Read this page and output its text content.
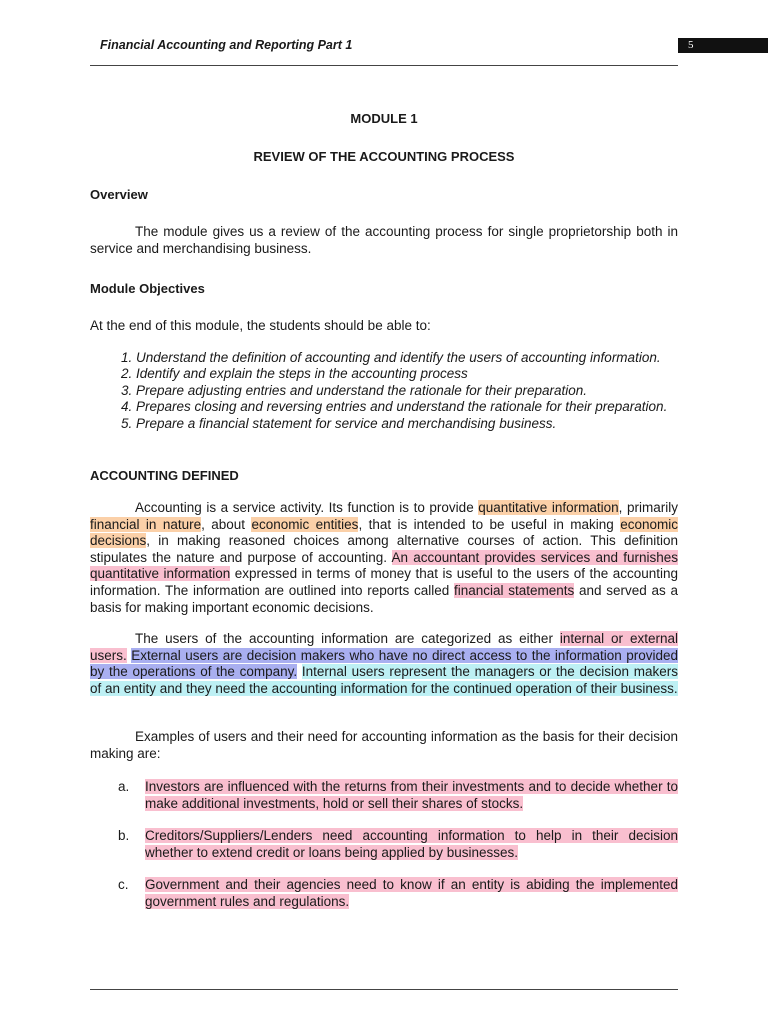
Financial Accounting and Reporting Part 1	5
MODULE 1
REVIEW OF THE ACCOUNTING PROCESS
Overview
The module gives us a review of the accounting process for single proprietorship both in service and merchandising business.
Module Objectives
At the end of this module, the students should be able to:
1. Understand the definition of accounting and identify the users of accounting information.
2. Identify and explain the steps in the accounting process
3. Prepare adjusting entries and understand the rationale for their preparation.
4. Prepares closing and reversing entries and understand the rationale for their preparation.
5. Prepare a financial statement for service and merchandising business.
ACCOUNTING DEFINED
Accounting is a service activity. Its function is to provide quantitative information, primarily financial in nature, about economic entities, that is intended to be useful in making economic decisions, in making reasoned choices among alternative courses of action. This definition stipulates the nature and purpose of accounting. An accountant provides services and furnishes quantitative information expressed in terms of money that is useful to the users of the accounting information. The information are outlined into reports called financial statements and served as a basis for making important economic decisions.
The users of the accounting information are categorized as either internal or external users. External users are decision makers who have no direct access to the information provided by the operations of the company. Internal users represent the managers or the decision makers of an entity and they need the accounting information for the continued operation of their business.
Examples of users and their need for accounting information as the basis for their decision making are:
a. Investors are influenced with the returns from their investments and to decide whether to make additional investments, hold or sell their shares of stocks.
b. Creditors/Suppliers/Lenders need accounting information to help in their decision whether to extend credit or loans being applied by businesses.
c. Government and their agencies need to know if an entity is abiding the implemented government rules and regulations.
